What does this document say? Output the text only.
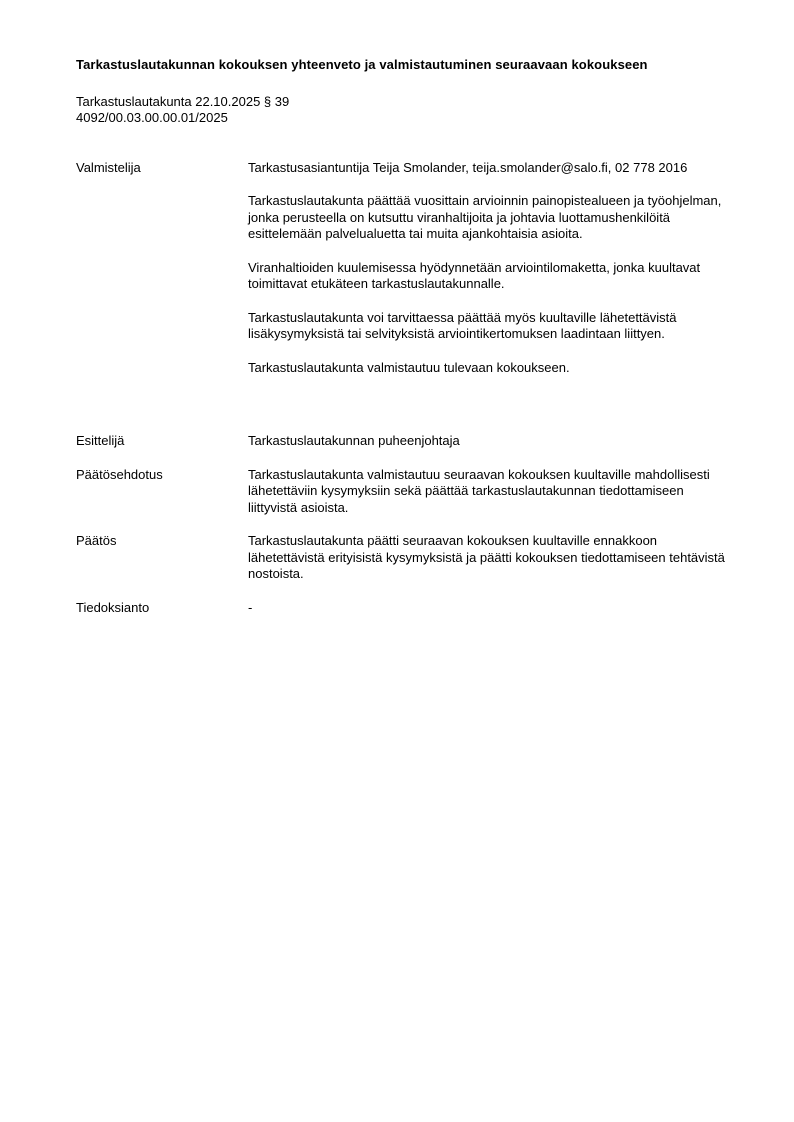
Tarkastuslautakunnan kokouksen yhteenveto ja valmistautuminen seuraavaan kokoukseen

Tarkastuslautakunta 22.10.2025 § 39

4092/00.03.00.00.01/2025

Valmistelija	Tarkastusasiantuntija Teija Smolander, teija.smolander@salo.fi, 02 778 2016

Tarkastuslautakunta päättää vuosittain arvioinnin painopistealueen ja työohjelman, jonka perusteella on kutsuttu viranhaltijoita ja johtavia luottamushenkilöitä esittelemään palvelualuetta tai muita ajankohtaisia asioita.

Viranhaltioiden kuulemisessa hyödynnetään arviointilomaketta, jonka kuultavat toimittavat etukäteen tarkastuslautakunnalle.

Tarkastuslautakunta voi tarvittaessa päättää myös kuultaville lähetettävistä lisäkysymyksistä tai selvityksistä arviointikertomuksen laadintaan liittyen.

Tarkastuslautakunta valmistautuu tulevaan kokoukseen.

Esittelijä	Tarkastuslautakunnan puheenjohtaja

Päätösehdotus	Tarkastuslautakunta valmistautuu seuraavan kokouksen kuultaville mahdollisesti lähetettäviin kysymyksiin sekä päättää tarkastuslautakunnan tiedottamiseen liittyvistä asioista.

Päätös	Tarkastuslautakunta päätti seuraavan kokouksen kuultaville ennakkoon lähetettävistä erityisistä kysymyksistä ja päätti kokouksen tiedottamiseen tehtävistä nostoista.

Tiedoksianto	-
